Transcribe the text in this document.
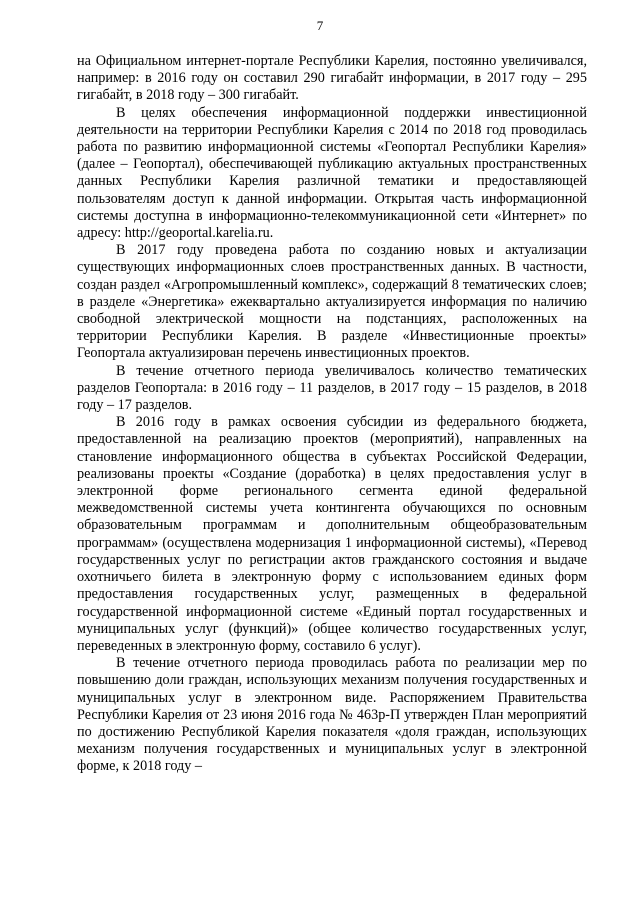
7

на Официальном интернет-портале Республики Карелия, постоянно увеличивался, например: в 2016 году он составил 290 гигабайт информации, в 2017 году – 295 гигабайт, в 2018 году – 300 гигабайт.

В целях обеспечения информационной поддержки инвестиционной деятельности на территории Республики Карелия с 2014 по 2018 год проводилась работа по развитию информационной системы «Геопортал Республики Карелия» (далее – Геопортал), обеспечивающей публикацию актуальных пространственных данных Республики Карелия различной тематики и предоставляющей пользователям доступ к данной информации. Открытая часть информационной системы доступна в информационно-телекоммуникационной сети «Интернет» по адресу: http://geoportal.karelia.ru.

В 2017 году проведена работа по созданию новых и актуализации существующих информационных слоев пространственных данных. В частности, создан раздел «Агропромышленный комплекс», содержащий 8 тематических слоев; в разделе «Энергетика» ежеквартально актуализируется информация по наличию свободной электрической мощности на подстанциях, расположенных на территории Республики Карелия. В разделе «Инвестиционные проекты» Геопортала актуализирован перечень инвестиционных проектов.

В течение отчетного периода увеличивалось количество тематических разделов Геопортала: в 2016 году – 11 разделов, в 2017 году – 15 разделов, в 2018 году – 17 разделов.

В 2016 году в рамках освоения субсидии из федерального бюджета, предоставленной на реализацию проектов (мероприятий), направленных на становление информационного общества в субъектах Российской Федерации, реализованы проекты «Создание (доработка) в целях предоставления услуг в электронной форме регионального сегмента единой федеральной межведомственной системы учета контингента обучающихся по основным образовательным программам и дополнительным общеобразовательным программам» (осуществлена модернизация 1 информационной системы), «Перевод государственных услуг по регистрации актов гражданского состояния и выдаче охотничьего билета в электронную форму с использованием единых форм предоставления государственных услуг, размещенных в федеральной государственной информационной системе «Единый портал государственных и муниципальных услуг (функций)» (общее количество государственных услуг, переведенных в электронную форму, составило 6 услуг).

В течение отчетного периода проводилась работа по реализации мер по повышению доли граждан, использующих механизм получения государственных и муниципальных услуг в электронном виде. Распоряжением Правительства Республики Карелия от 23 июня 2016 года № 463р-П утвержден План мероприятий по достижению Республикой Карелия показателя «доля граждан, использующих механизм получения государственных и муниципальных услуг в электронной форме, к 2018 году –
